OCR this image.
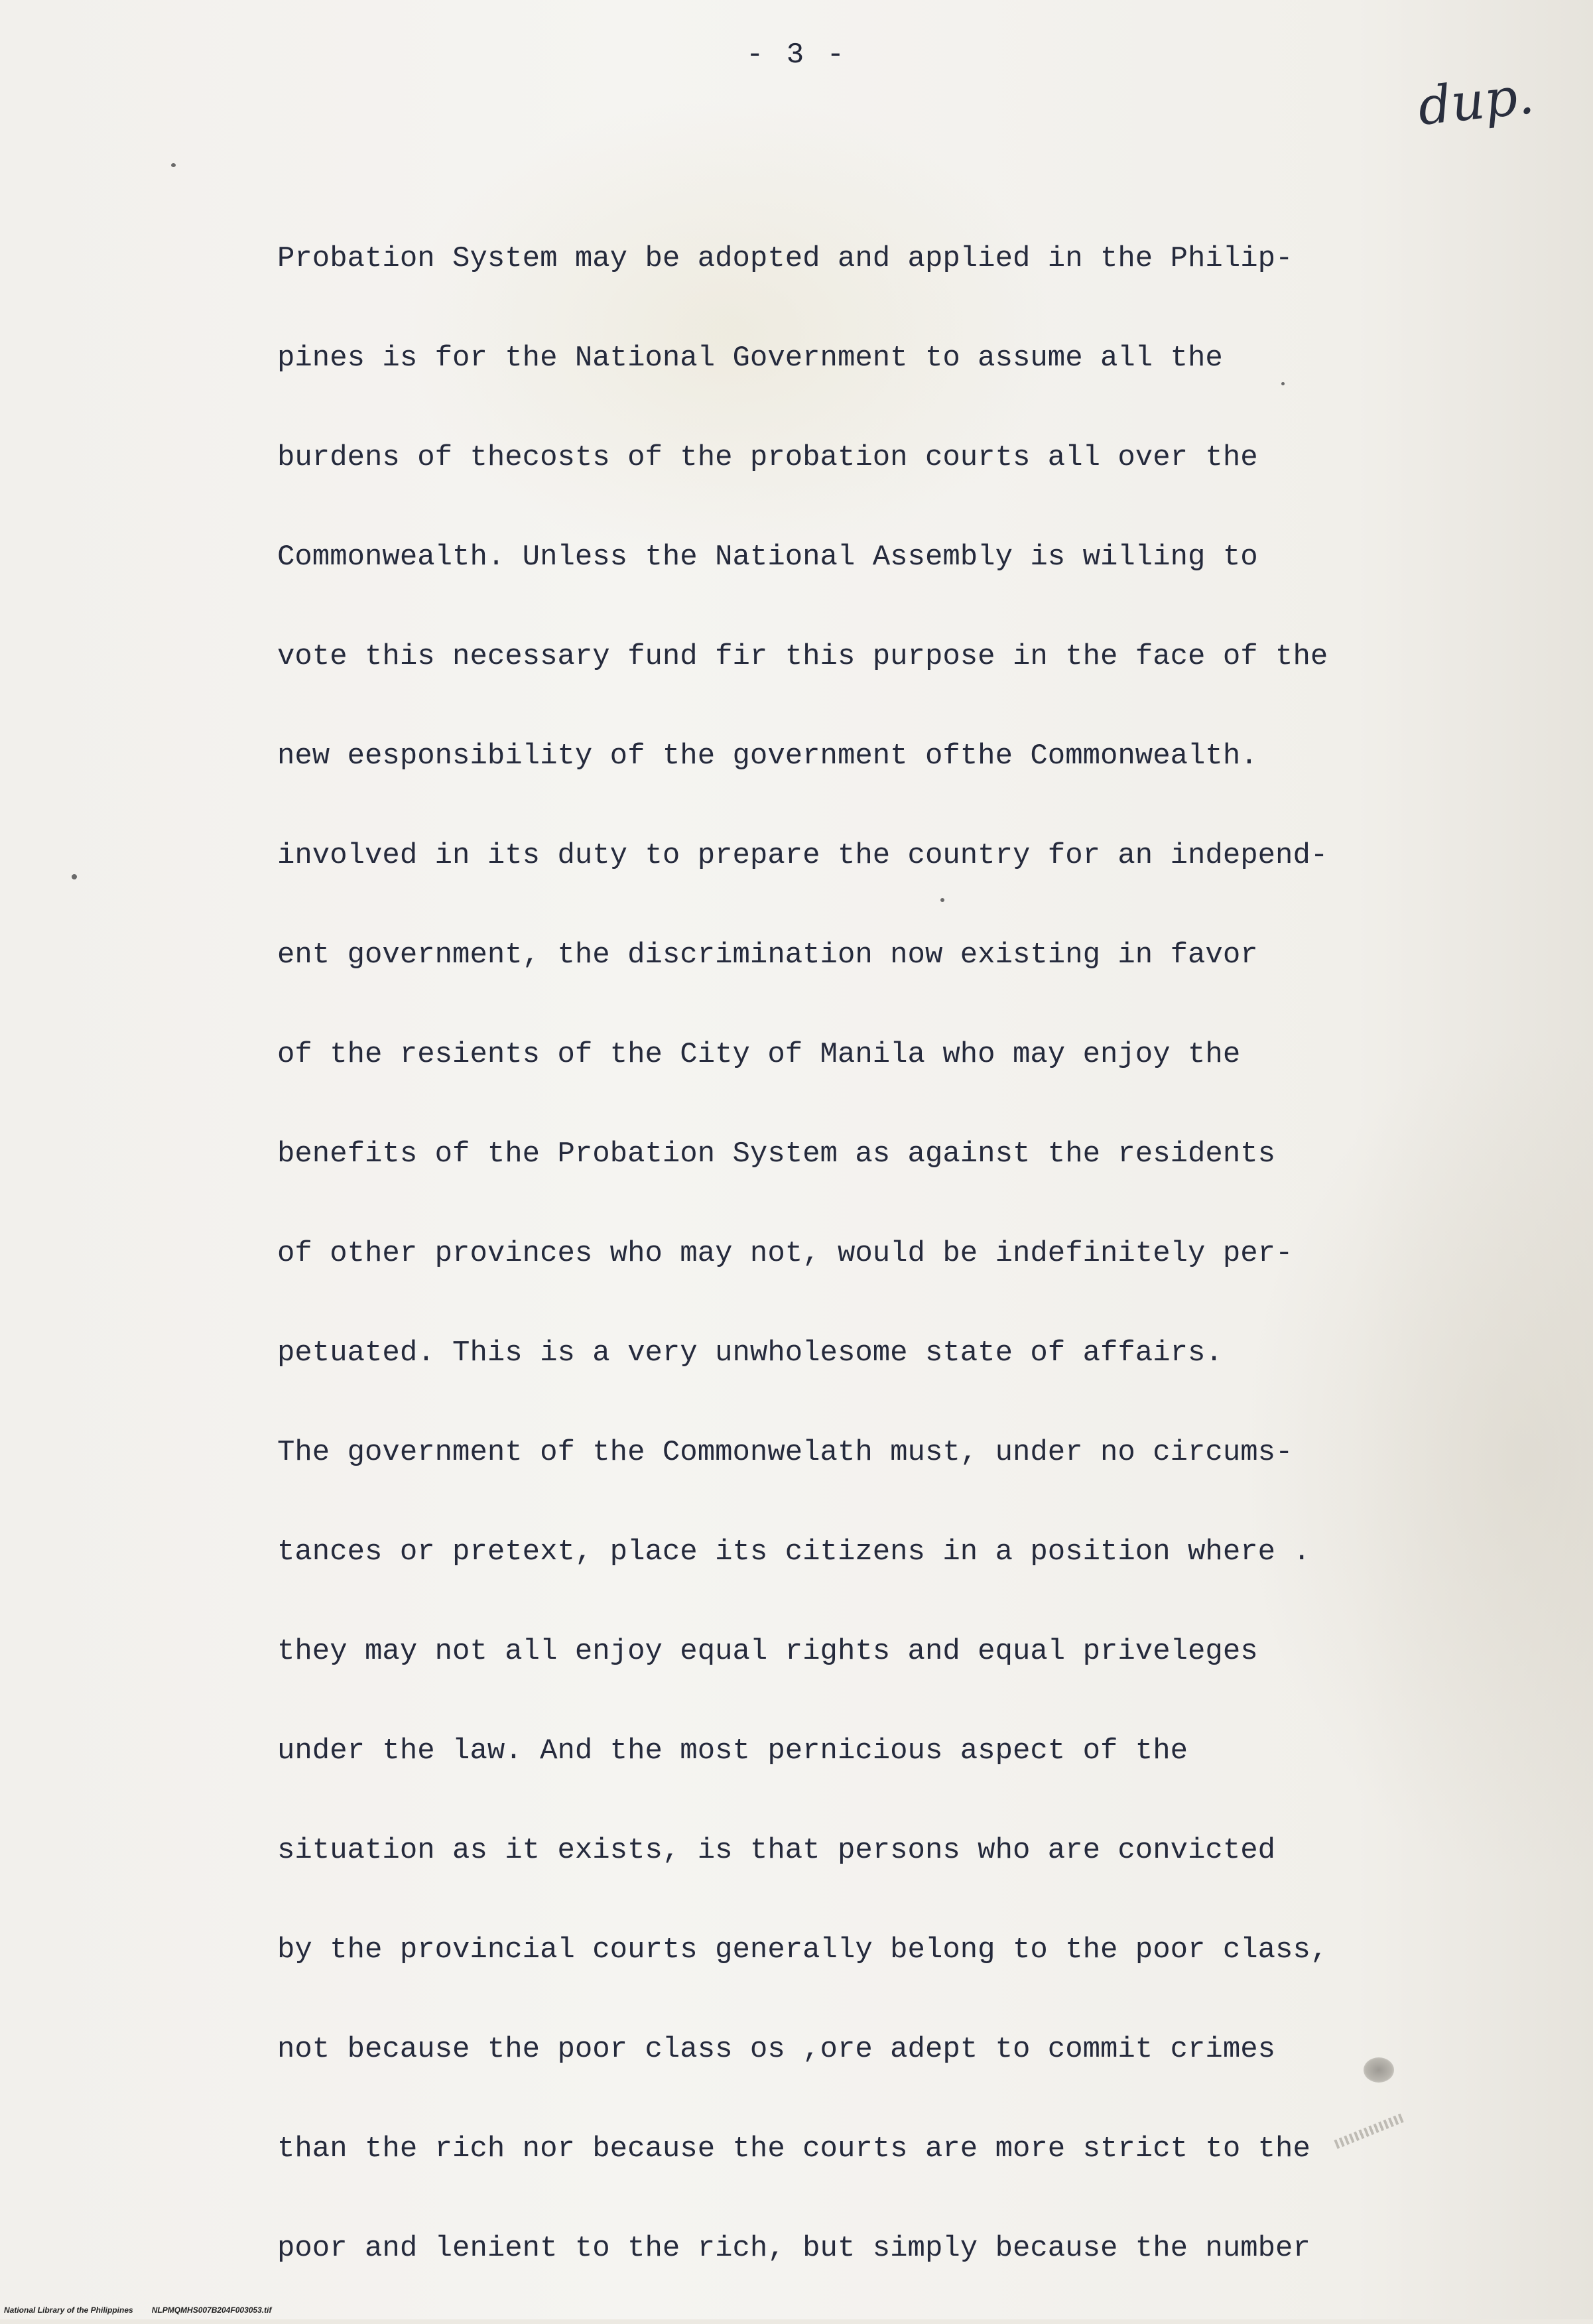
- 3 -
dup.
Probation System may be adopted and applied in the Philip-
pines is for the National Government to assume all the
burdens of thecosts of the probation courts all over the
Commonwealth. Unless the National Assembly is willing to
vote this necessary fund fir this purpose in the face of the
new eesponsibility of the government ofthe Commonwealth.
involved in its duty to prepare the country for an independ-
ent government, the discrimination now existing in favor
of the resients of the City of Manila who may enjoy the
benefits of the Probation System as against the residents
of other provinces who may not, would be indefinitely per-
petuated. This is a very unwholesome state of affairs.
The government of the Commonwelath must, under no circums-
tances or pretext, place its citizens in a position where .
they may not all enjoy equal rights and equal priveleges
under the law. And the most pernicious aspect of the
situation as it exists, is that persons who are convicted
by the provincial courts generally belong to the poor class,
not because the poor class os ,ore adept to commit crimes
than the rich nor because the courts are more strict to the
poor and lenient to the rich, but simply because the number
National Library of the Philippines NLPMQMHS007B204F003053.tif
